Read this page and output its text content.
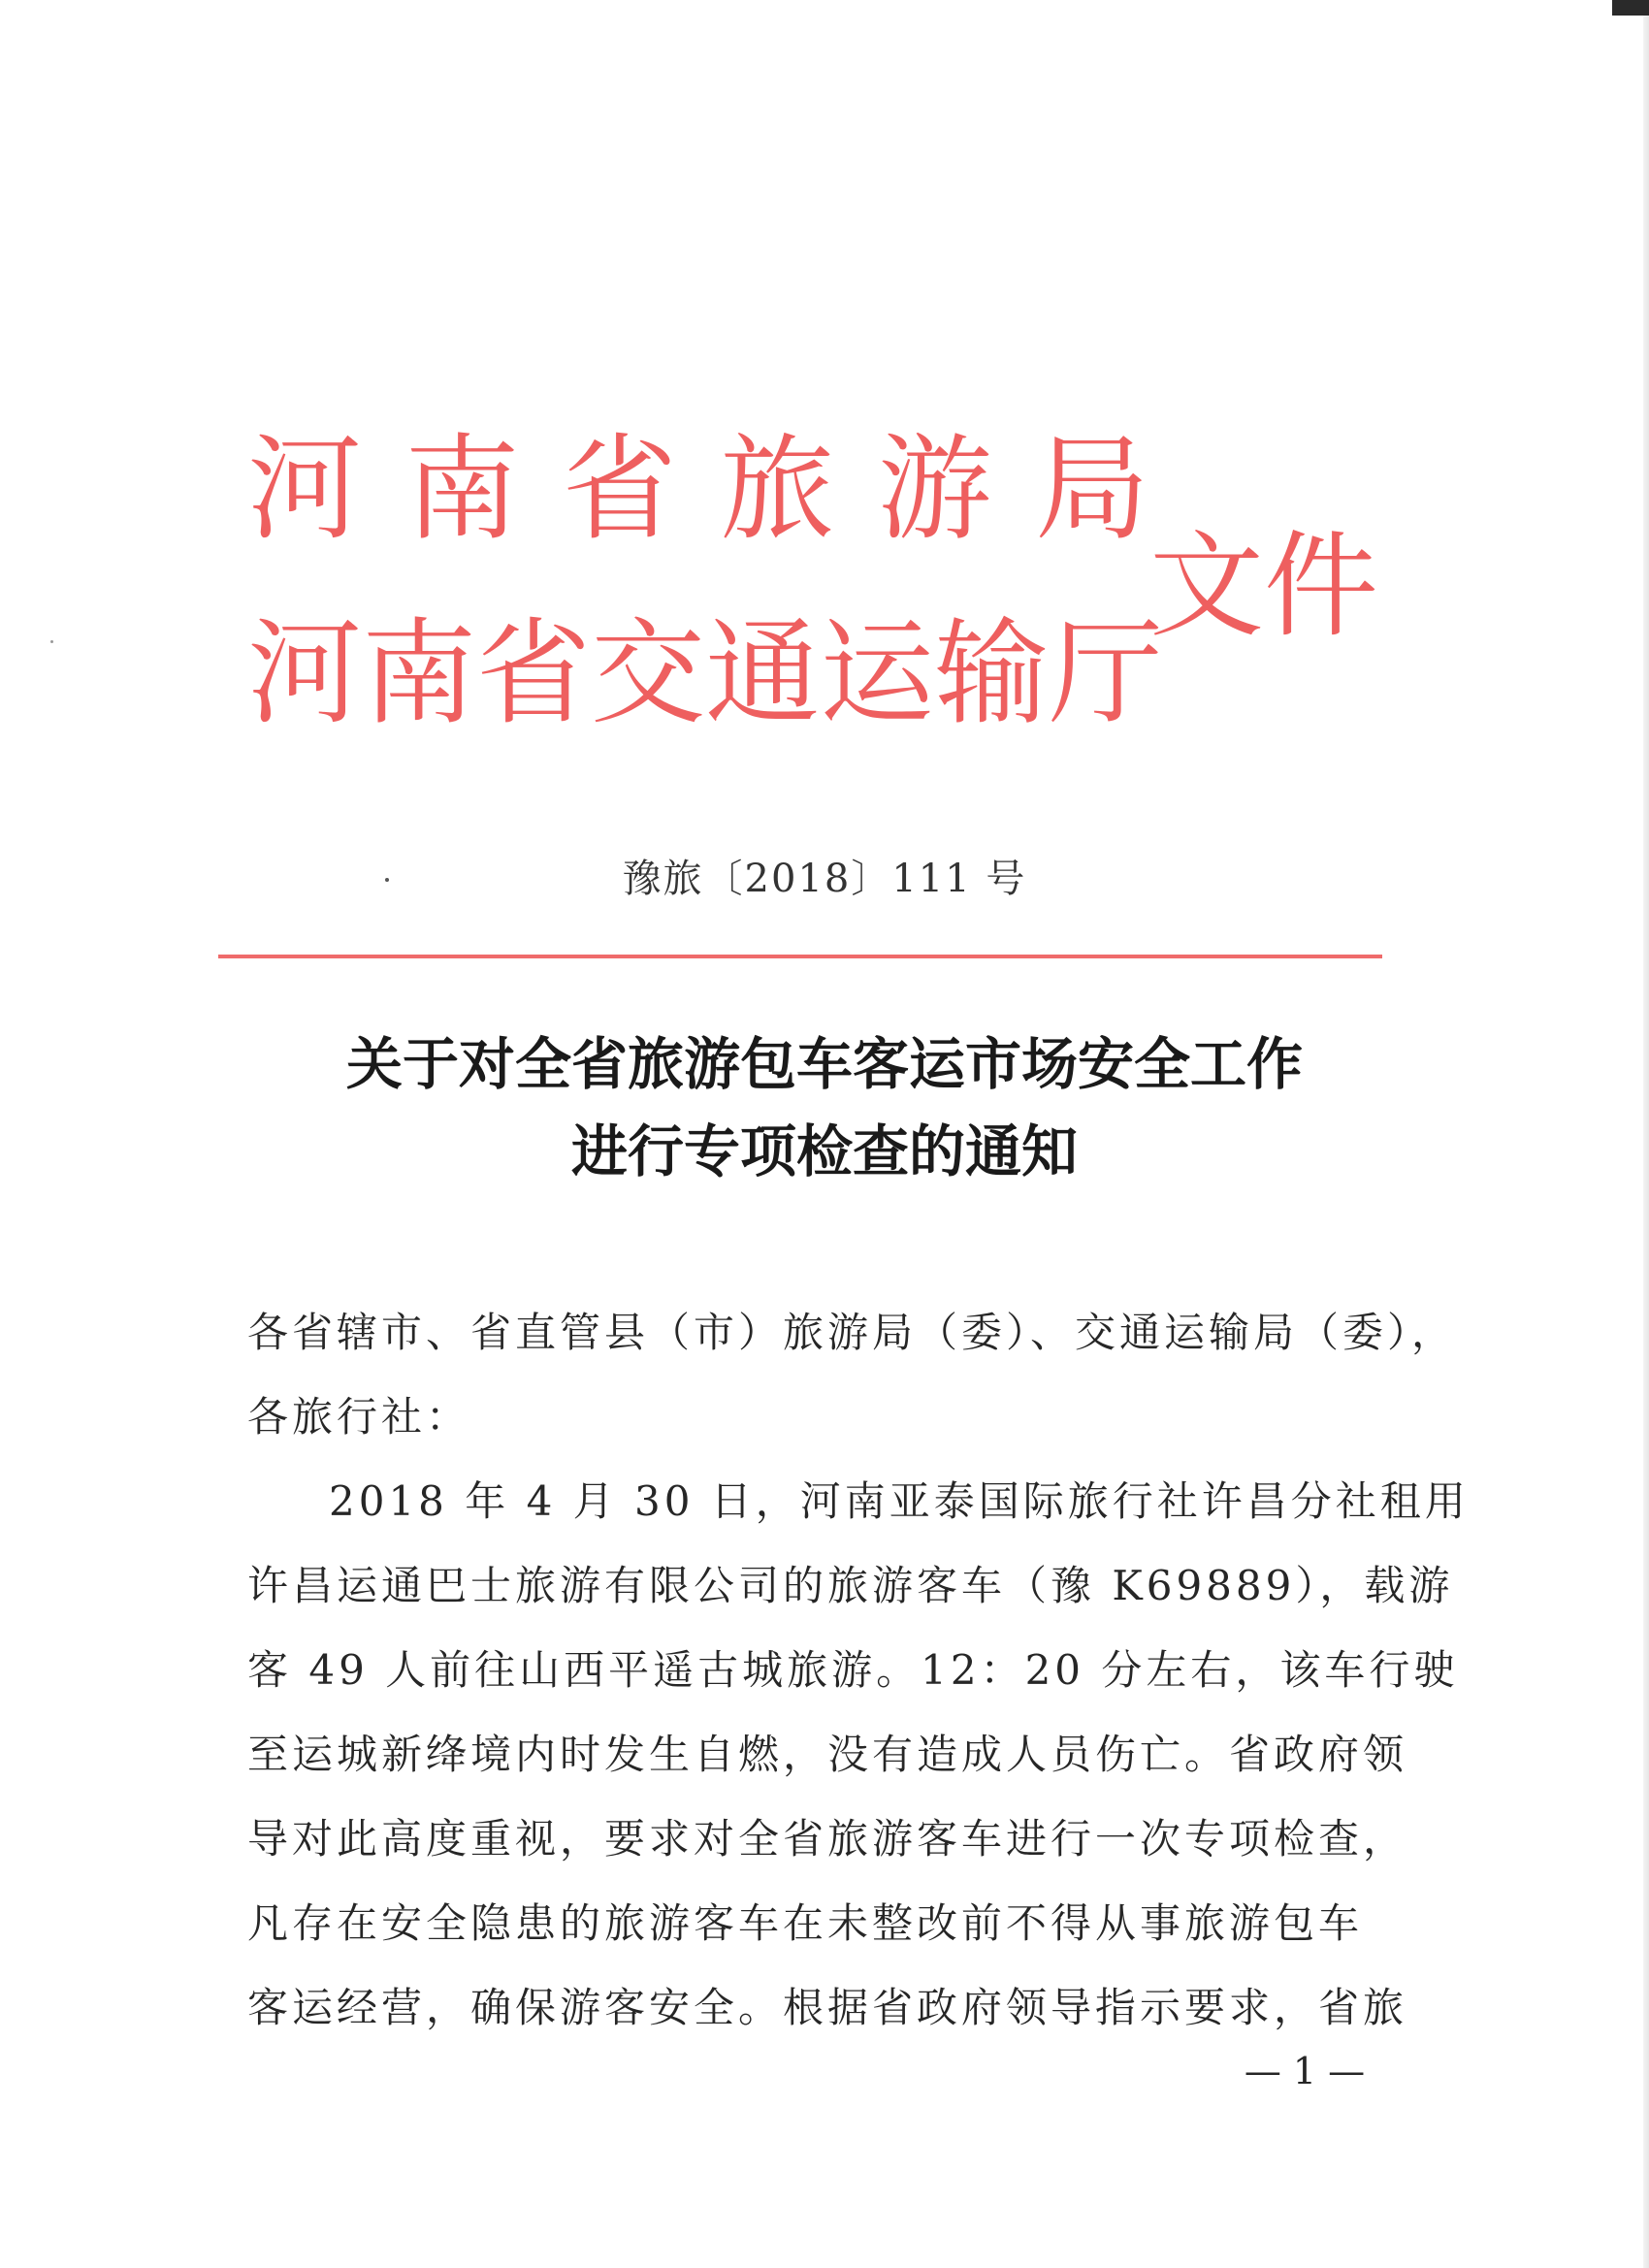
河 南 省 旅 游 局
河 南 省 交 通 运 输 厅
文件
豫旅〔2018〕111 号
关于对全省旅游包车客运市场安全工作
进行专项检查的通知
各省辖市、省直管县（市）旅游局（委）、交通运输局（委），
各旅行社：
2018 年 4 月 30 日，河南亚泰国际旅行社许昌分社租用
许昌运通巴士旅游有限公司的旅游客车（豫 K69889），载游
客 49 人前往山西平遥古城旅游。12：20 分左右，该车行驶
至运城新绛境内时发生自燃，没有造成人员伤亡。省政府领
导对此高度重视，要求对全省旅游客车进行一次专项检查，
凡存在安全隐患的旅游客车在未整改前不得从事旅游包车
客运经营，确保游客安全。根据省政府领导指示要求，省旅
— 1 —
